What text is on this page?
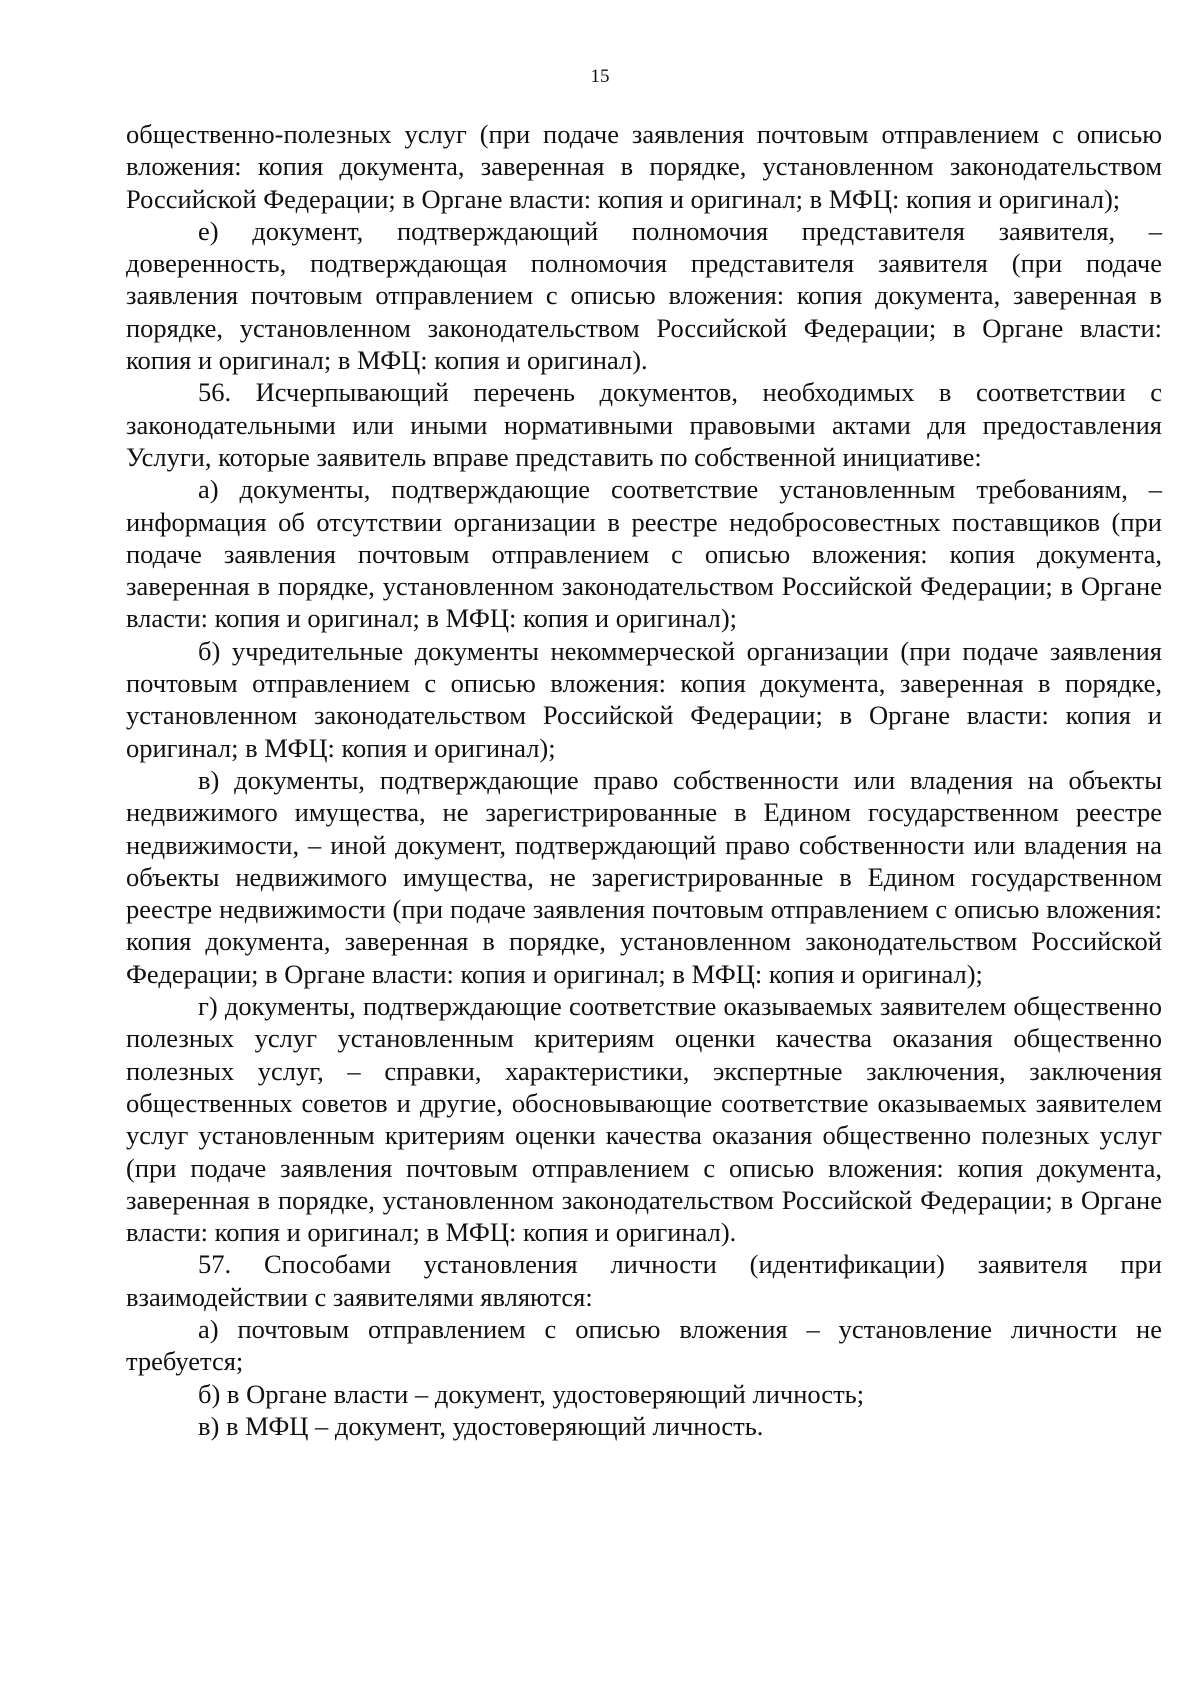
15

общественно-полезных услуг (при подаче заявления почтовым отправлением с описью вложения: копия документа, заверенная в порядке, установленном законодательством Российской Федерации; в Органе власти: копия и оригинал; в МФЦ: копия и оригинал);

е) документ, подтверждающий полномочия представителя заявителя, – доверенность, подтверждающая полномочия представителя заявителя (при подаче заявления почтовым отправлением с описью вложения: копия документа, заверенная в порядке, установленном законодательством Российской Федерации; в Органе власти: копия и оригинал; в МФЦ: копия и оригинал).

56. Исчерпывающий перечень документов, необходимых в соответствии с законодательными или иными нормативными правовыми актами для предоставления Услуги, которые заявитель вправе представить по собственной инициативе:

а) документы, подтверждающие соответствие установленным требованиям, – информация об отсутствии организации в реестре недобросовестных поставщиков (при подаче заявления почтовым отправлением с описью вложения: копия документа, заверенная в порядке, установленном законодательством Российской Федерации; в Органе власти: копия и оригинал; в МФЦ: копия и оригинал);

б) учредительные документы некоммерческой организации (при подаче заявления почтовым отправлением с описью вложения: копия документа, заверенная в порядке, установленном законодательством Российской Федерации; в Органе власти: копия и оригинал; в МФЦ: копия и оригинал);

в) документы, подтверждающие право собственности или владения на объекты недвижимого имущества, не зарегистрированные в Едином государственном реестре недвижимости, – иной документ, подтверждающий право собственности или владения на объекты недвижимого имущества, не зарегистрированные в Едином государственном реестре недвижимости (при подаче заявления почтовым отправлением с описью вложения: копия документа, заверенная в порядке, установленном законодательством Российской Федерации; в Органе власти: копия и оригинал; в МФЦ: копия и оригинал);

г) документы, подтверждающие соответствие оказываемых заявителем общественно полезных услуг установленным критериям оценки качества оказания общественно полезных услуг, – справки, характеристики, экспертные заключения, заключения общественных советов и другие, обосновывающие соответствие оказываемых заявителем услуг установленным критериям оценки качества оказания общественно полезных услуг (при подаче заявления почтовым отправлением с описью вложения: копия документа, заверенная в порядке, установленном законодательством Российской Федерации; в Органе власти: копия и оригинал; в МФЦ: копия и оригинал).

57. Способами установления личности (идентификации) заявителя при взаимодействии с заявителями являются:

а) почтовым отправлением с описью вложения – установление личности не требуется;

б) в Органе власти – документ, удостоверяющий личность;

в) в МФЦ – документ, удостоверяющий личность.
